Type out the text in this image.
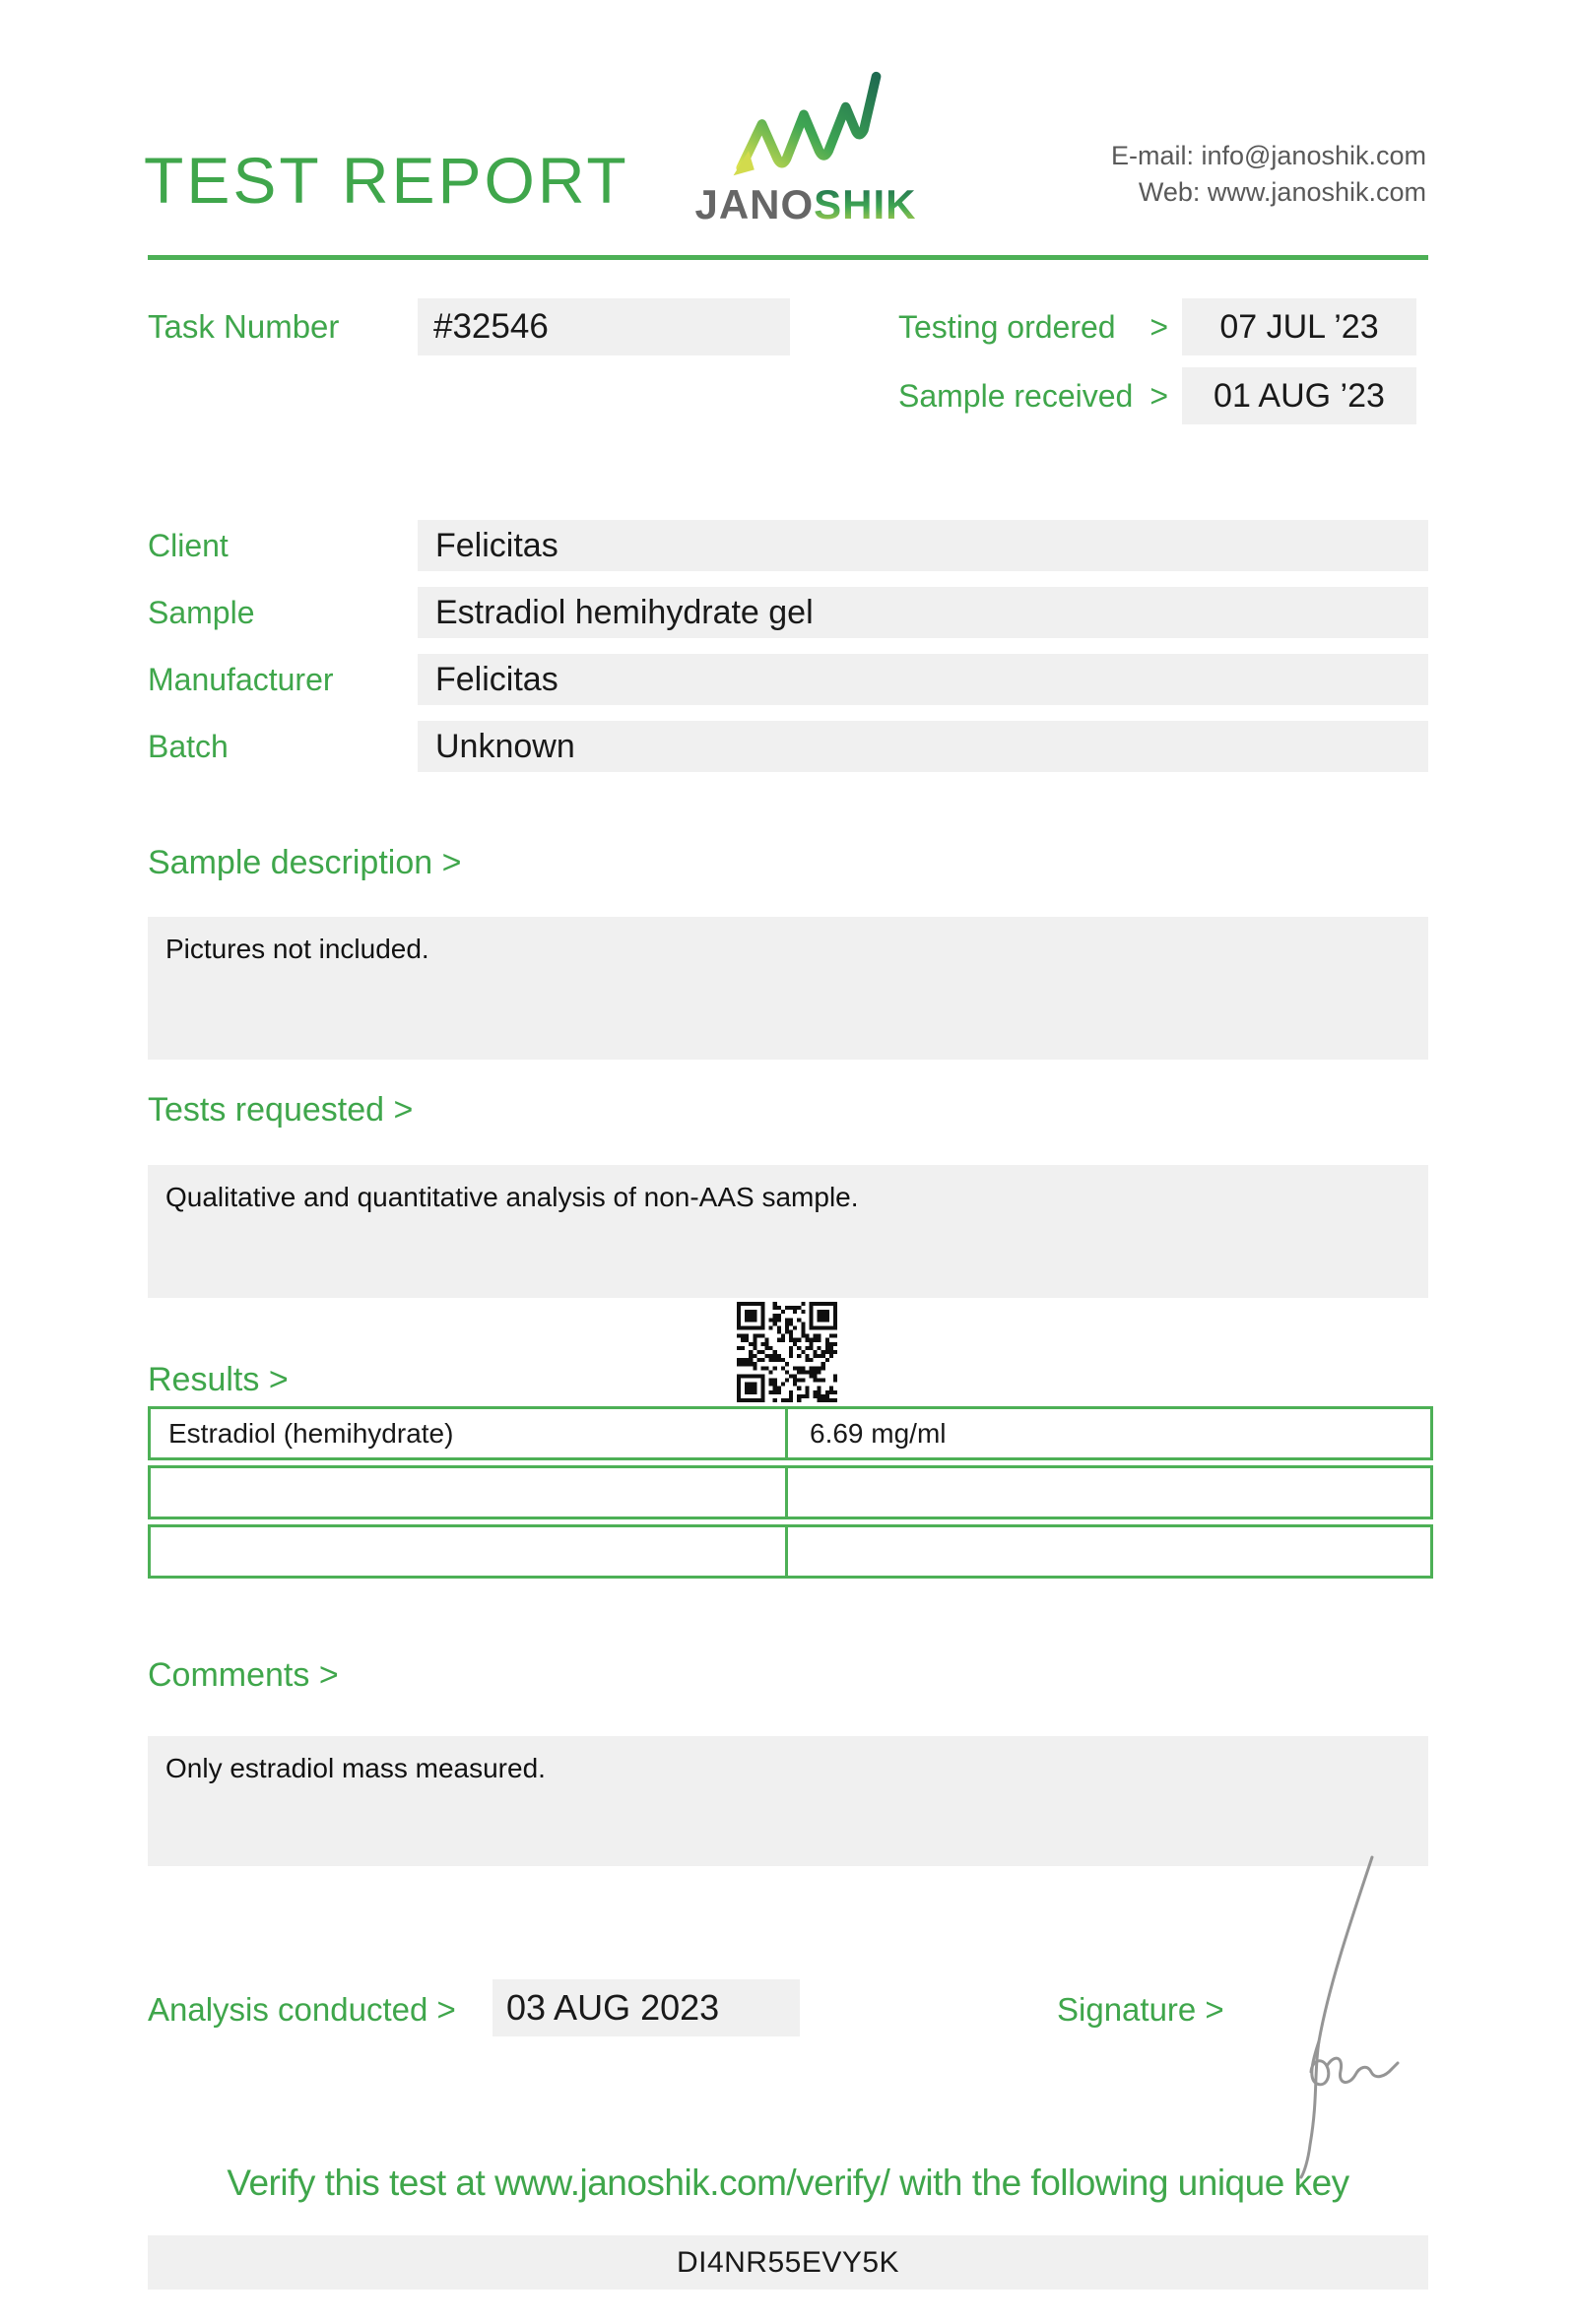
TEST REPORT JANOSHIK
E-mail: info@janoshik.com
Web: www.janoshik.com
Task Number	#32546	Testing ordered >	07 JUL ’23
Sample received >	01 AUG ’23
Client	Felicitas
Sample	Estradiol hemihydrate gel
Manufacturer	Felicitas
Batch	Unknown
Sample description >
Pictures not included.
Tests requested >
Qualitative and quantitative analysis of non-AAS sample.
Results >
Estradiol (hemihydrate)	6.69 mg/ml
Comments >
Only estradiol mass measured.
Analysis conducted >	03 AUG 2023	Signature >
Verify this test at www.janoshik.com/verify/ with the following unique key
DI4NR55EVY5K
